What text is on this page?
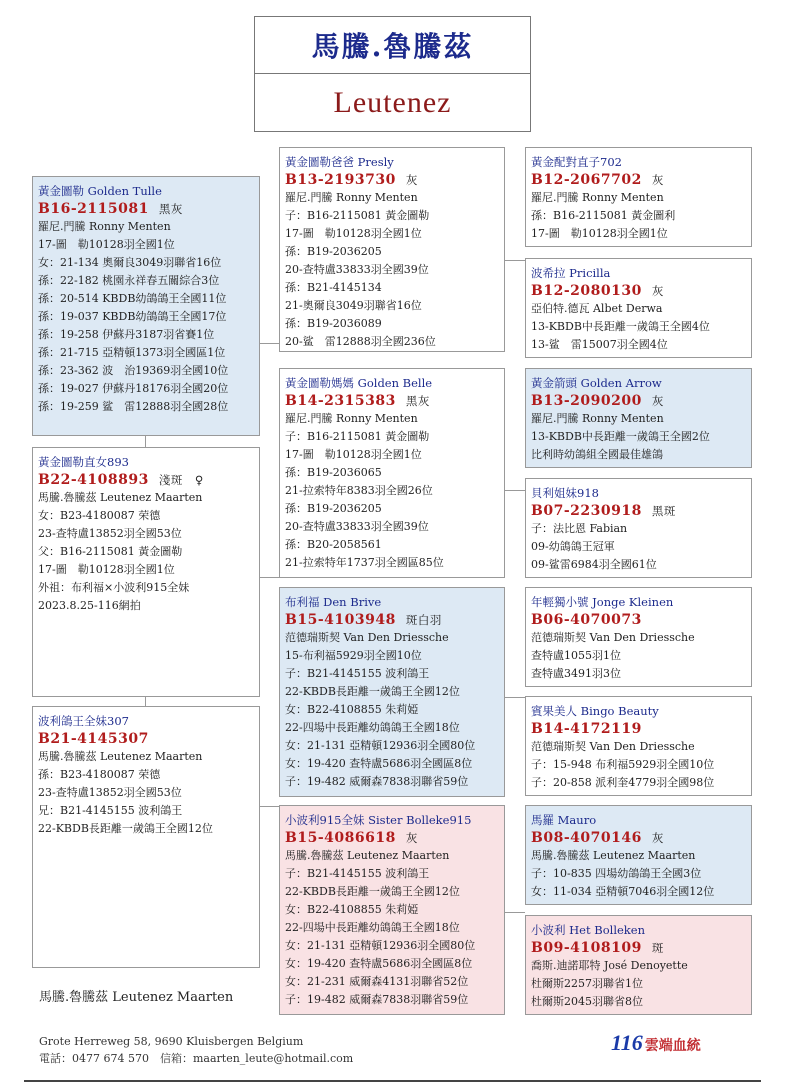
馬騰.魯騰茲
Leutenez
黃金圖勒 Golden Tulle
B16-2115081 黑灰
羅尼.門騰 Ronny Menten
17-圖　勒10128羽全國1位
女：21-134 奧爾良3049羽聯省16位
孫：22-182 桃園永祥春五關綜合3位
孫：20-514 KBDB幼鴿鴿王全國11位
孫：19-037 KBDB幼鴿鴿王全國17位
孫：19-258 伊蘇丹3187羽省賽1位
孫：21-715 亞精頓1373羽全國區1位
孫：23-362 波　治19369羽全國10位
孫：19-027 伊蘇丹18176羽全國20位
孫：19-259 鲨　雷12888羽全國28位
黃金圖勒直女893
B22-4108893 淺斑　♀
馬騰.魯騰茲 Leutenez Maarten
女：B23-4180087 荣德
23-查特盧13852羽全國53位
父：B16-2115081 黃金圖勒
17-圖　勒10128羽全國1位
外祖：布利福×小波利915全妹
2023.8.25-116網拍
波利鴿王全妹307
B21-4145307
馬騰.魯騰茲 Leutenez Maarten
孫：B23-4180087 荣德
23-查特盧13852羽全國53位
兄：B21-4145155 波利鴿王
22-KBDB長距離一歲鴿王全國12位
黃金圖勒爸爸 Presly
B13-2193730 灰
羅尼.門騰 Ronny Menten
子：B16-2115081 黃金圖勒
17-圖　勒10128羽全國1位
孫：B19-2036205
20-查特盧33833羽全國39位
孫：B21-4145134
21-奧爾良3049羽聯省16位
孫：B19-2036089
20-鲨　雷12888羽全國236位
黃金圖勒媽媽 Golden Belle
B14-2315383 黑灰
羅尼.門騰 Ronny Menten
子：B16-2115081 黃金圖勒
17-圖　勒10128羽全國1位
孫：B19-2036065
21-拉索特年8383羽全國26位
孫：B19-2036205
20-查特盧33833羽全國39位
孫：B20-2058561
21-拉索特年1737羽全國區85位
布利福 Den Brive
B15-4103948 斑白羽
范德瑞斯契 Van Den Driessche
15-布利福5929羽全國10位
子：B21-4145155 波利鴿王
22-KBDB長距離一歲鴿王全國12位
女：B22-4108855 朱莉婭
22-四場中長距離幼鴿鴿王全國18位
女：21-131 亞精頓12936羽全國80位
女：19-420 查特盧5686羽全國區8位
子：19-482 威爾森7838羽聯省59位
小波利915全妹 Sister Bolleke915
B15-4086618 灰
馬騰.魯騰茲 Leutenez Maarten
子：B21-4145155 波利鴿王
22-KBDB長距離一歲鴿王全國12位
女：B22-4108855 朱莉婭
22-四場中長距離幼鴿鴿王全國18位
女：21-131 亞精頓12936羽全國80位
女：19-420 查特盧5686羽全國區8位
女：21-231 威爾森4131羽聯省52位
子：19-482 威爾森7838羽聯省59位
黃金配對直子702
B12-2067702 灰
羅尼.門騰 Ronny Menten
孫：B16-2115081 黃金圖利
17-圖　勒10128羽全國1位
波希拉 Pricilla
B12-2080130 灰
亞伯特.德瓦 Albet Derwa
13-KBDB中長距離一歲鴿王全國4位
13-鲨　雷15007羽全國4位
黃金箭頭 Golden Arrow
B13-2090200 灰
羅尼.門騰 Ronny Menten
13-KBDB中長距離一歲鴿王全國2位
比利時幼鴿組全國最佳雄鴿
貝利姐妹918
B07-2230918 黑斑
子：法比恩 Fabian
09-幼鴿鴿王冠軍
09-鲨雷6984羽全國61位
年輕獨小號 Jonge Kleinen
B06-4070073
范德瑞斯契 Van Den Driessche
查特盧1055羽1位
查特盧3491羽3位
賓果美人 Bingo Beauty
B14-4172119
范德瑞斯契 Van Den Driessche
子：15-948 布利福5929羽全國10位
子：20-858 派利奎4779羽全國98位
馬羅 Mauro
B08-4070146 灰
馬騰.魯騰茲 Leutenez Maarten
子：10-835 四場幼鴿鴿王全國3位
女：11-034 亞精頓7046羽全國12位
小波利 Het Bolleken
B09-4108109 斑
喬斯.迪諾耶特 José Denoyette
杜爾斯2257羽聯省1位
杜爾斯2045羽聯省8位
馬騰.魯騰茲 Leutenez Maarten
Grote Herreweg 58, 9690 Kluisbergen Belgium
電話：0477 674 570　信箱：maarten_leute@hotmail.com
116 雲端血統
